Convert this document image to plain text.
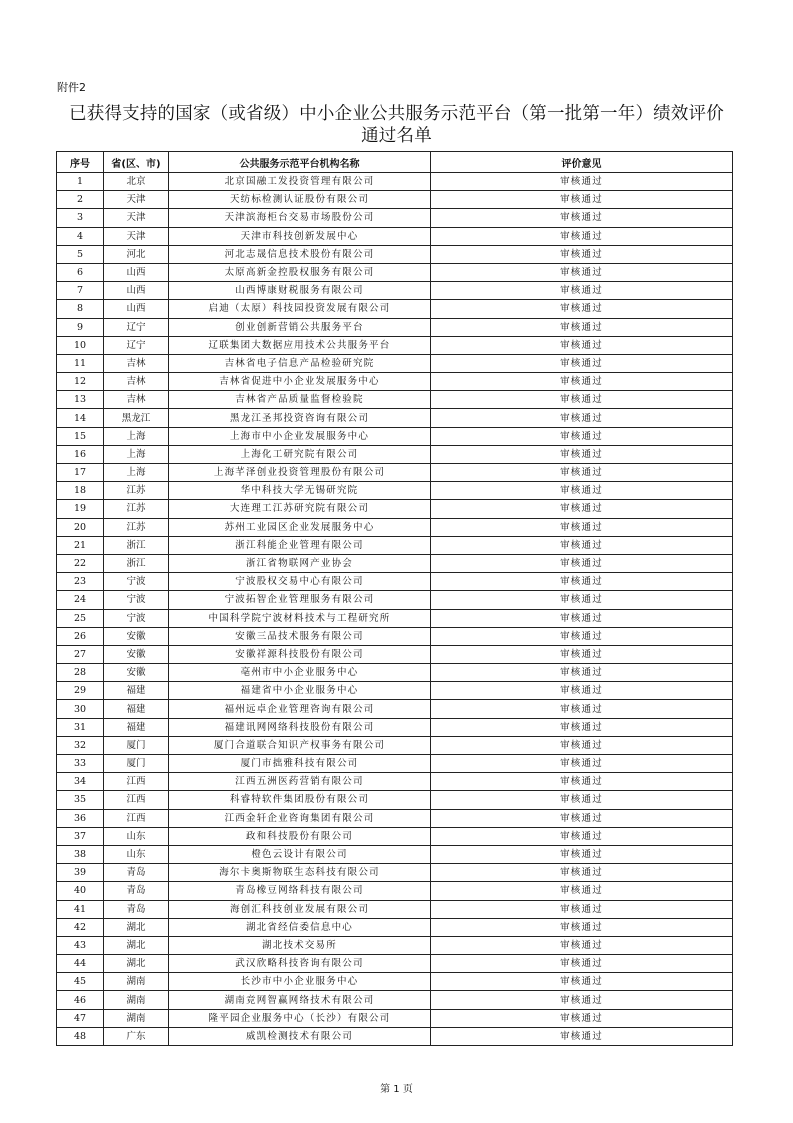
附件2
已获得支持的国家（或省级）中小企业公共服务示范平台（第一批第一年）绩效评价
通过名单
序号	省(区、市)	公共服务示范平台机构名称	评价意见
1	北京	北京国融工发投资管理有限公司	审核通过
2	天津	天纺标检测认证股份有限公司	审核通过
3	天津	天津滨海柜台交易市场股份公司	审核通过
4	天津	天津市科技创新发展中心	审核通过
5	河北	河北志晟信息技术股份有限公司	审核通过
6	山西	太原高新金控股权服务有限公司	审核通过
7	山西	山西博康财税服务有限公司	审核通过
8	山西	启迪（太原）科技园投资发展有限公司	审核通过
9	辽宁	创业创新营销公共服务平台	审核通过
10	辽宁	辽联集团大数据应用技术公共服务平台	审核通过
11	吉林	吉林省电子信息产品检验研究院	审核通过
12	吉林	吉林省促进中小企业发展服务中心	审核通过
13	吉林	吉林省产品质量监督检验院	审核通过
14	黑龙江	黑龙江圣邦投资咨询有限公司	审核通过
15	上海	上海市中小企业发展服务中心	审核通过
16	上海	上海化工研究院有限公司	审核通过
17	上海	上海芊泽创业投资管理股份有限公司	审核通过
18	江苏	华中科技大学无锡研究院	审核通过
19	江苏	大连理工江苏研究院有限公司	审核通过
20	江苏	苏州工业园区企业发展服务中心	审核通过
21	浙江	浙江科能企业管理有限公司	审核通过
22	浙江	浙江省物联网产业协会	审核通过
23	宁波	宁波股权交易中心有限公司	审核通过
24	宁波	宁波拓智企业管理服务有限公司	审核通过
25	宁波	中国科学院宁波材料技术与工程研究所	审核通过
26	安徽	安徽三品技术服务有限公司	审核通过
27	安徽	安徽祥源科技股份有限公司	审核通过
28	安徽	亳州市中小企业服务中心	审核通过
29	福建	福建省中小企业服务中心	审核通过
30	福建	福州远卓企业管理咨询有限公司	审核通过
31	福建	福建讯网网络科技股份有限公司	审核通过
32	厦门	厦门合道联合知识产权事务有限公司	审核通过
33	厦门	厦门市拙雅科技有限公司	审核通过
34	江西	江西五洲医药营销有限公司	审核通过
35	江西	科睿特软件集团股份有限公司	审核通过
36	江西	江西金轩企业咨询集团有限公司	审核通过
37	山东	政和科技股份有限公司	审核通过
38	山东	橙色云设计有限公司	审核通过
39	青岛	海尔卡奥斯物联生态科技有限公司	审核通过
40	青岛	青岛橡豆网络科技有限公司	审核通过
41	青岛	海创汇科技创业发展有限公司	审核通过
42	湖北	湖北省经信委信息中心	审核通过
43	湖北	湖北技术交易所	审核通过
44	湖北	武汉欣略科技咨询有限公司	审核通过
45	湖南	长沙市中小企业服务中心	审核通过
46	湖南	湖南竞网智赢网络技术有限公司	审核通过
47	湖南	隆平园企业服务中心（长沙）有限公司	审核通过
48	广东	威凯检测技术有限公司	审核通过
第 1 页
